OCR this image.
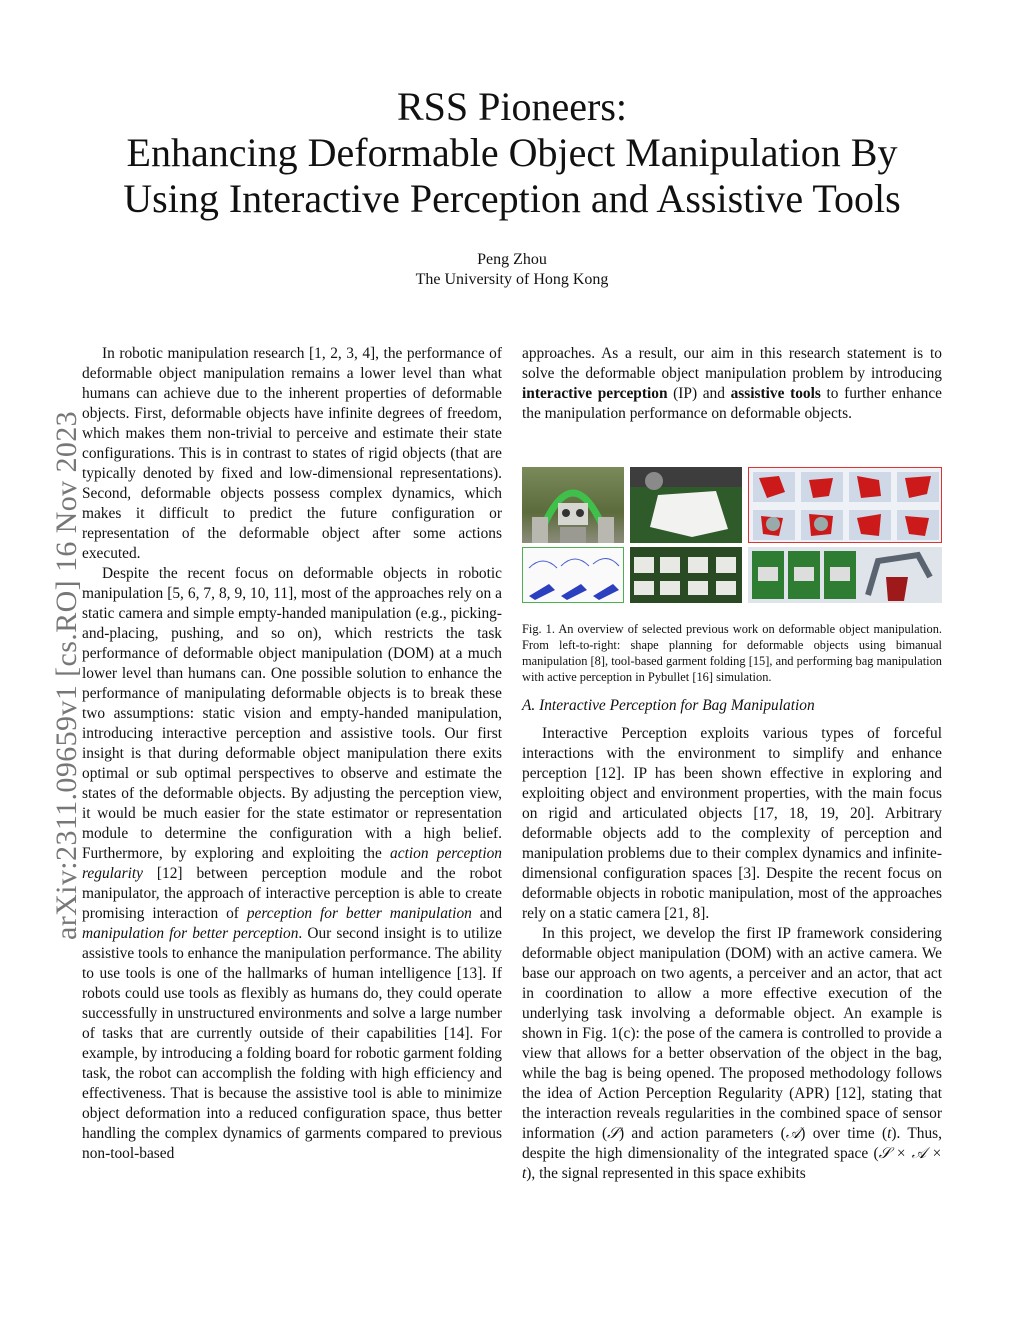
arXiv:2311.09659v1 [cs.RO] 16 Nov 2023
RSS Pioneers:
Enhancing Deformable Object Manipulation By
Using Interactive Perception and Assistive Tools
Peng Zhou
The University of Hong Kong

In robotic manipulation research [1, 2, 3, 4], the performance of deformable object manipulation remains a lower level than what humans can achieve due to the inherent properties of deformable objects. First, deformable objects have infinite degrees of freedom, which makes them non-trivial to perceive and estimate their state configurations. This is in contrast to states of rigid objects (that are typically denoted by fixed and low-dimensional representations). Second, deformable objects possess complex dynamics, which makes it difficult to predict the future configuration or representation of the deformable object after some actions executed.

Despite the recent focus on deformable objects in robotic manipulation [5, 6, 7, 8, 9, 10, 11], most of the approaches rely on a static camera and simple empty-handed manipulation (e.g., picking-and-placing, pushing, and so on), which restricts the task performance of deformable object manipulation (DOM) at a much lower level than humans can. One possible solution to enhance the performance of manipulating deformable objects is to break these two assumptions: static vision and empty-handed manipulation, introducing interactive perception and assistive tools. Our first insight is that during deformable object manipulation there exits optimal or sub optimal perspectives to observe and estimate the states of the deformable objects. By adjusting the perception view, it would be much easier for the state estimator or representation module to determine the configuration with a high belief. Furthermore, by exploring and exploiting the action perception regularity [12] between perception module and the robot manipulator, the approach of interactive perception is able to create promising interaction of perception for better manipulation and manipulation for better perception. Our second insight is to utilize assistive tools to enhance the manipulation performance. The ability to use tools is one of the hallmarks of human intelligence [13]. If robots could use tools as flexibly as humans do, they could operate successfully in unstructured environments and solve a large number of tasks that are currently outside of their capabilities [14]. For example, by introducing a folding board for robotic garment folding task, the robot can accomplish the folding with high efficiency and effectiveness. That is because the assistive tool is able to minimize object deformation into a reduced configuration space, thus better handling the complex dynamics of garments compared to previous non-tool-based

approaches. As a result, our aim in this research statement is to solve the deformable object manipulation problem by introducing interactive perception (IP) and assistive tools to further enhance the manipulation performance on deformable objects.

Fig. 1. An overview of selected previous work on deformable object manipulation. From left-to-right: shape planning for deformable objects using bimanual manipulation [8], tool-based garment folding [15], and performing bag manipulation with active perception in Pybullet [16] simulation.
A. Interactive Perception for Bag Manipulation

Interactive Perception exploits various types of forceful interactions with the environment to simplify and enhance perception [12]. IP has been shown effective in exploring and exploiting object and environment properties, with the main focus on rigid and articulated objects [17, 18, 19, 20]. Arbitrary deformable objects add to the complexity of perception and manipulation problems due to their complex dynamics and infinite-dimensional configuration spaces [3]. Despite the recent focus on deformable objects in robotic manipulation, most of the approaches rely on a static camera [21, 8].

In this project, we develop the first IP framework considering deformable object manipulation (DOM) with an active camera. We base our approach on two agents, a perceiver and an actor, that act in coordination to allow a more effective execution of the underlying task involving a deformable object. An example is shown in Fig. 1(c): the pose of the camera is controlled to provide a view that allows for a better observation of the object in the bag, while the bag is being opened. The proposed methodology follows the idea of Action Perception Regularity (APR) [12], stating that the interaction reveals regularities in the combined space of sensor information (𝒮) and action parameters (𝒜) over time (t). Thus, despite the high dimensionality of the integrated space (𝒮 × 𝒜 × t), the signal represented in this space exhibits
